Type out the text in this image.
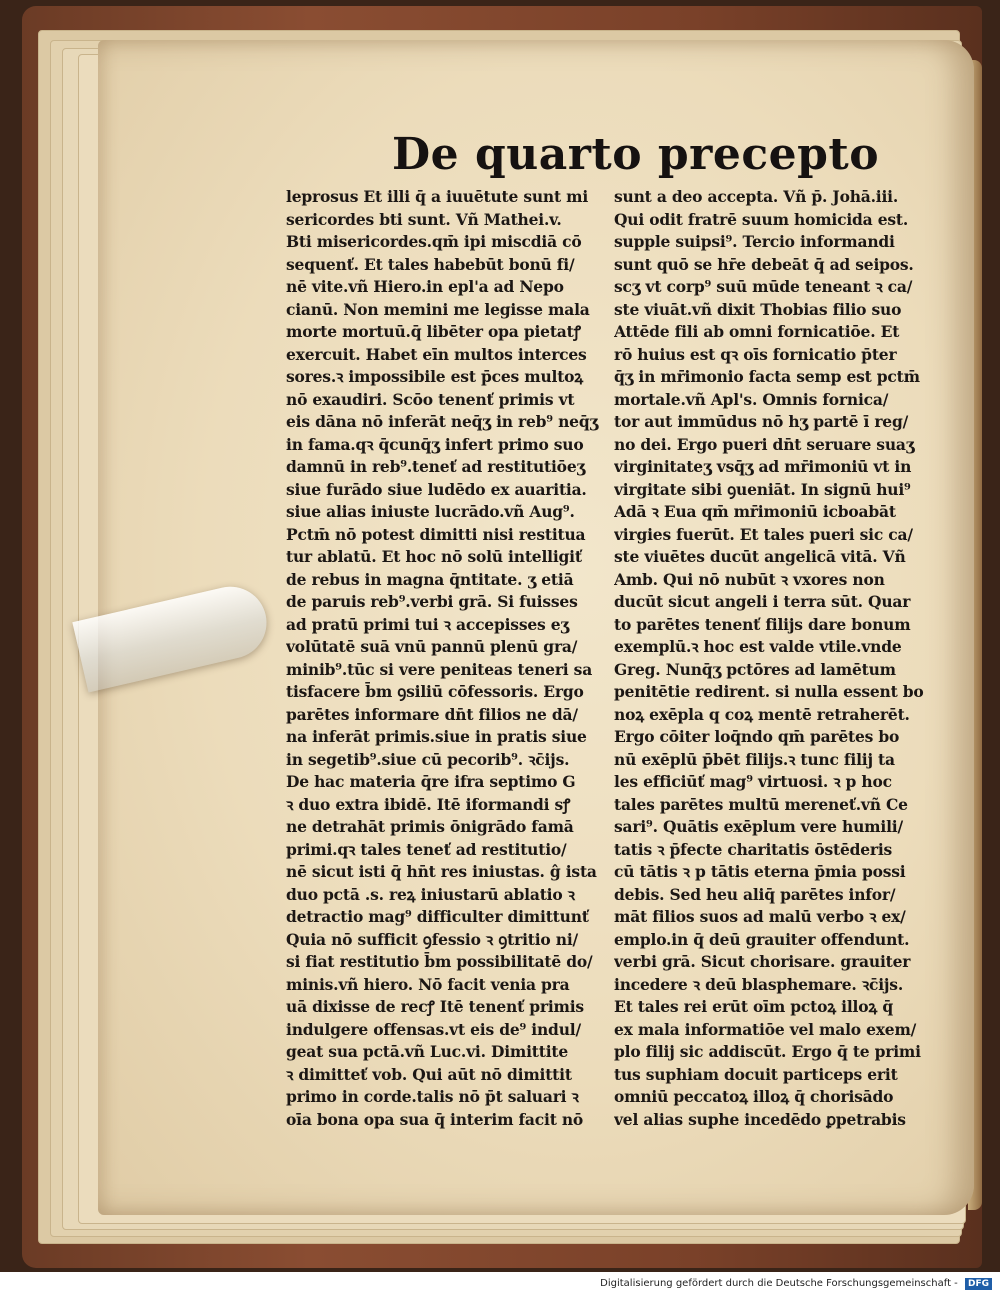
De quarto precepto
leprosus Et illi q̄ a iuuētute sunt mi
sericordes bti sunt. Vñ Mathei.v.
Bti misericordes.qm̄ ipi miscdiā cō
sequenť. Et tales habebūt bonū fi/
nē vite.vñ Hiero.in epl'a ad Nepo
cianū. Non memini me legisse mala
morte mortuū.q̄ libēter opa pietatꝭ
exercuit. Habet eīn multos interces
sores.ꝛ impossibile est p̄ces multoꝝ
nō exaudiri. Scōo tenenť primis vt
eis dāna nō inferāt neq̄ʒ in reb⁹ neq̄ʒ
in fama.qꝛ q̄cunq̄ʒ infert primo suo
damnū in reb⁹.teneť ad restitutiōeʒ
siue furādo siue ludēdo ex auaritia.
siue alias iniuste lucrādo.vñ Aug⁹.
Pctm̄ nō potest dimitti nisi restitua
tur ablatū. Et hoc nō solū intelligiť
de rebus in magna q̄ntitate. ʒ etiā
de paruis reb⁹.verbi grā. Si fuisses
ad pratū primi tui ꝛ accepisses eʒ
volūtatē suā vnū pannū plenū gra/
minib⁹.tūc si vere peniteas teneri sa
tisfacere b̄m ꝯsiliū cōfessoris. Ergo
parētes informare dn̄t filios ne dā/
na inferāt primis.siue in pratis siue
in segetib⁹.siue cū pecorib⁹. ꝛc̄ijs.
De hac materia q̄re ifra septimo G
ꝛ duo extra ibidē. Itē iformandi sꝭ
ne detrahāt primis ōnigrādo famā
primi.qꝛ tales teneť ad restitutio/
nē sicut isti q̄ hn̄t res iniustas. ĝ ista
duo pctā .s. reꝝ iniustarū ablatio ꝛ
detractio mag⁹ difficulter dimittunť
Quia nō sufficit ꝯfessio ꝛ ꝯtritio ni/
si fiat restitutio b̄m possibilitatē do/
minis.vñ hiero. Nō facit venia pra
uā dixisse de recꝭ Itē tenenť primis
indulgere offensas.vt eis de⁹ indul/
geat sua pctā.vñ Luc.vi. Dimittite
ꝛ dimitteť vob. Qui aūt nō dimittit
primo in corde.talis nō p̄t saluari ꝛ
oīa bona opa sua q̄ interim facit nō
sunt a deo accepta. Vñ p̄. Johā.iii.
Qui odit fratrē suum homicida est.
supple suipsi⁹. Tercio informandi
sunt quō se hr̄e debeāt q̄ ad seipos.
scʒ vt corp⁹ suū mūde teneant ꝛ ca/
ste viuāt.vñ dixit Thobias filio suo
Attēde fili ab omni fornicatiōe. Et
rō huius est qꝛ oīs fornicatio p̄ter
q̄ʒ in mr̄imonio facta semp est pctm̄
mortale.vñ Apl's. Omnis fornica/
tor aut immūdus nō hʒ partē ī reg/
no dei. Ergo pueri dn̄t seruare suaʒ
virginitateʒ vsq̄ʒ ad mr̄imoniū vt in
virgitate sibi ꝯueniāt. In signū hui⁹
Adā ꝛ Eua qm̄ mr̄imoniū icboabāt
virgies fuerūt. Et tales pueri sic ca/
ste viuētes ducūt angelicā vitā. Vñ
Amb. Qui nō nubūt ꝛ vxores non
ducūt sicut angeli i terra sūt. Quar
to parētes tenenť filijs dare bonum
exemplū.ꝛ hoc est valde vtile.vnde
Greg. Nunq̄ʒ pctōres ad lamētum
penitētie redirent. si nulla essent bo
noꝝ exēpla q coꝝ mentē retraherēt.
Ergo cōiter loq̄ndo qm̄ parētes bo
nū exēplū p̄bēt filijs.ꝛ tunc filij ta
les efficiūť mag⁹ virtuosi. ꝛ p hoc
tales parētes multū mereneť.vñ Ce
sari⁹. Quātis exēplum vere humili/
tatis ꝛ p̄fecte charitatis ōstēderis
cū tātis ꝛ p tātis eterna p̄mia possi
debis. Sed heu aliq̄ parētes infor/
māt filios suos ad malū verbo ꝛ ex/
emplo.in q̄ deū grauiter offendunt.
verbi grā. Sicut chorisare. grauiter
incedere ꝛ deū blasphemare. ꝛc̄ijs.
Et tales rei erūt oīm pctoꝝ illoꝝ q̄
ex mala informatiōe vel malo exem/
plo filij sic addiscūt. Ergo q̄ te primi
tus suphiam docuit particeps erit
omniū peccatoꝝ illoꝝ q̄ chorisādo
vel alias suphe incedēdo ꝑpetrabis
Digitalisierung gefördert durch die Deutsche Forschungsgemeinschaft - DFG
